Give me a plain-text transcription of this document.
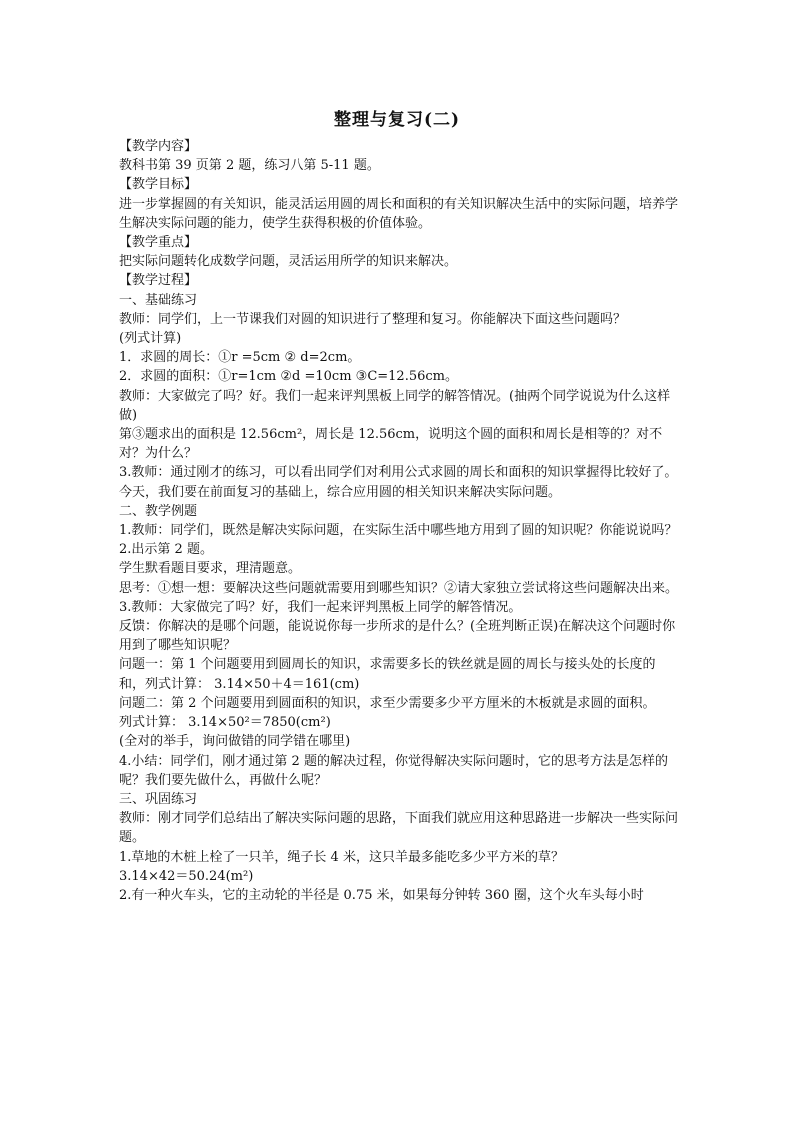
整理与复习(二)

【教学内容】

教科书第 39 页第 2 题，练习八第 5-11 题。

【教学目标】

进一步掌握圆的有关知识，能灵活运用圆的周长和面积的有关知识解决生活中的实际问题，培养学生解决实际问题的能力，使学生获得积极的价值体验。

【教学重点】

把实际问题转化成数学问题，灵活运用所学的知识来解决。

【教学过程】

一、基础练习

教师：同学们，上一节课我们对圆的知识进行了整理和复习。你能解决下面这些问题吗？

(列式计算)

1．求圆的周长：①r =5cm ② d=2cm。

2．求圆的面积：①r=1cm ②d =10cm ③C=12.56cm。

教师：大家做完了吗？好。我们一起来评判黑板上同学的解答情况。(抽两个同学说说为什么这样做)

第③题求出的面积是 12.56cm²，周长是 12.56cm，说明这个圆的面积和周长是相等的？对不对？为什么？

3.教师：通过刚才的练习，可以看出同学们对利用公式求圆的周长和面积的知识掌握得比较好了。今天，我们要在前面复习的基础上，综合应用圆的相关知识来解决实际问题。

二、教学例题

1.教师：同学们，既然是解决实际问题，在实际生活中哪些地方用到了圆的知识呢？你能说说吗？

2.出示第 2 题。

学生默看题目要求，理清题意。

思考：①想一想：要解决这些问题就需要用到哪些知识？②请大家独立尝试将这些问题解决出来。

3.教师：大家做完了吗？好，我们一起来评判黑板上同学的解答情况。

反馈：你解决的是哪个问题，能说说你每一步所求的是什么？(全班判断正误)在解决这个问题时你用到了哪些知识呢？

问题一：第 1 个问题要用到圆周长的知识，求需要多长的铁丝就是圆的周长与接头处的长度的和，列式计算： 3.14×50＋4＝161(cm)

问题二：第 2 个问题要用到圆面积的知识，求至少需要多少平方厘米的木板就是求圆的面积。

列式计算： 3.14×50²＝7850(cm²)

(全对的举手，询问做错的同学错在哪里)

4.小结：同学们，刚才通过第 2 题的解决过程，你觉得解决实际问题时，它的思考方法是怎样的呢？我们要先做什么，再做什么呢？

三、巩固练习

教师：刚才同学们总结出了解决实际问题的思路，下面我们就应用这种思路进一步解决一些实际问题。

1.草地的木桩上栓了一只羊，绳子长 4 米，这只羊最多能吃多少平方米的草？

3.14×42＝50.24(m²)

2.有一种火车头，它的主动轮的半径是 0.75 米，如果每分钟转 360 圈，这个火车头每小时
